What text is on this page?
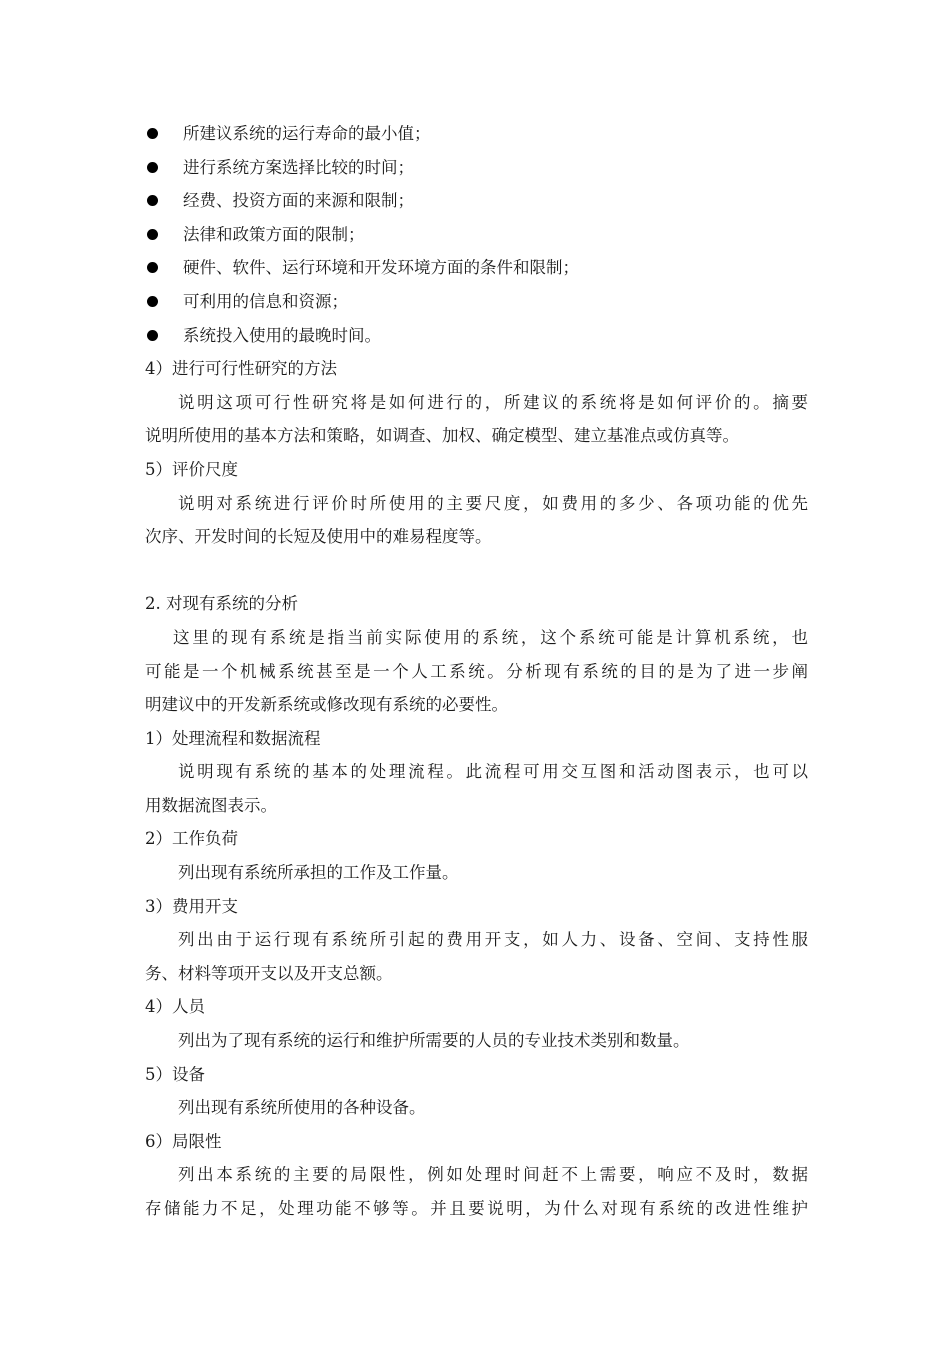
所建议系统的运行寿命的最小值；
进行系统方案选择比较的时间；
经费、投资方面的来源和限制；
法律和政策方面的限制；
硬件、软件、运行环境和开发环境方面的条件和限制；
可利用的信息和资源；
系统投入使用的最晚时间。
4）进行可行性研究的方法
说明这项可行性研究将是如何进行的，所建议的系统将是如何评价的。摘要
说明所使用的基本方法和策略，如调查、加权、确定模型、建立基准点或仿真等。
5）评价尺度
说明对系统进行评价时所使用的主要尺度，如费用的多少、各项功能的优先
次序、开发时间的长短及使用中的难易程度等。
2. 对现有系统的分析
这里的现有系统是指当前实际使用的系统，这个系统可能是计算机系统，也
可能是一个机械系统甚至是一个人工系统。分析现有系统的目的是为了进一步阐
明建议中的开发新系统或修改现有系统的必要性。
1）处理流程和数据流程
说明现有系统的基本的处理流程。此流程可用交互图和活动图表示，也可以
用数据流图表示。
2）工作负荷
列出现有系统所承担的工作及工作量。
3）费用开支
列出由于运行现有系统所引起的费用开支，如人力、设备、空间、支持性服
务、材料等项开支以及开支总额。
4）人员
列出为了现有系统的运行和维护所需要的人员的专业技术类别和数量。
5）设备
列出现有系统所使用的各种设备。
6）局限性
列出本系统的主要的局限性，例如处理时间赶不上需要，响应不及时，数据
存储能力不足，处理功能不够等。并且要说明，为什么对现有系统的改进性维护
